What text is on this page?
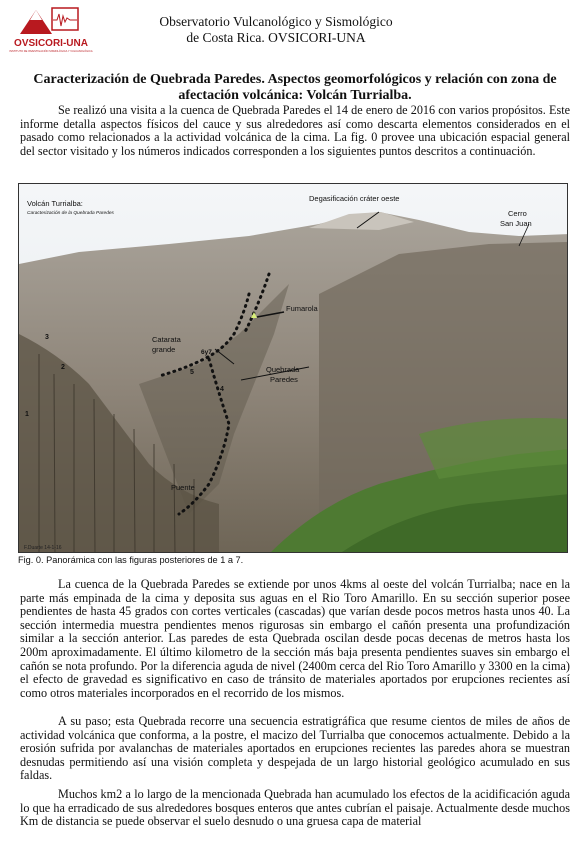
OVSICORI-UNA
INSTITUTO DE INVESTIGACIÓN SISMOLÓGICA Y VULCANOLÓGICA
Observatorio Vulcanológico y Sismológico
de Costa Rica. OVSICORI-UNA
Caracterización de Quebrada Paredes. Aspectos geomorfológicos y relación con zona de afectación volcánica: Volcán Turrialba.

Se realizó una visita a la cuenca de Quebrada Paredes el 14 de enero de 2016 con varios propósitos. Este informe detalla aspectos físicos del cauce y sus alrededores así como descarta elementos considerados en el pasado como relacionados a la actividad volcánica de la cima. La fig. 0 provee una ubicación espacial general del sector visitado y los números indicados corresponden a los siguientes puntos descritos a continuación.

Volcán Turrialba:
Caracterización de la Quebrada Paredes
Degasificación cráter oeste
Cerro
San Juan
Fumarola
Catarata
grande
Quebrada
Paredes
Puente
1
2
3
4
5
6y7
F.Duarte 14-1-16
Fig. 0. Panorámica con las figuras posteriores de 1 a 7.

La cuenca de la Quebrada Paredes se extiende por unos 4kms al oeste del volcán Turrialba; nace en la parte más empinada de la cima y deposita sus aguas en el Rio Toro Amarillo. En su sección superior posee pendientes de hasta 45 grados con cortes verticales (cascadas) que varían desde pocos metros hasta unos 40. La sección intermedia muestra pendientes menos rigurosas sin embargo el cañón presenta una profundización similar a la sección anterior. Las paredes de esta Quebrada oscilan desde pocas decenas de metros hasta los 200m aproximadamente. El último kilometro de la sección más baja presenta pendientes suaves sin embargo el cañón se nota profundo. Por la diferencia aguda de nivel (2400m cerca del Rio Toro Amarillo y 3300 en la cima) el efecto de gravedad es significativo en caso de tránsito de materiales aportados por erupciones recientes así como otros materiales incorporados en el recorrido de los mismos.

A su paso; esta Quebrada recorre una secuencia estratigráfica que resume cientos de miles de años de actividad volcánica que conforma, a la postre, el macizo del Turrialba que conocemos actualmente. Debido a la erosión sufrida por avalanchas de materiales aportados en erupciones recientes las paredes ahora se muestran desnudas permitiendo así una visión completa y despejada de un largo historial geológico acumulado en sus faldas.

Muchos km2 a lo largo de la mencionada Quebrada han acumulado los efectos de la acidificación aguda lo que ha erradicado de sus alrededores bosques enteros que antes cubrían el paisaje. Actualmente desde muchos Km de distancia se puede observar el suelo desnudo o una gruesa capa de material
